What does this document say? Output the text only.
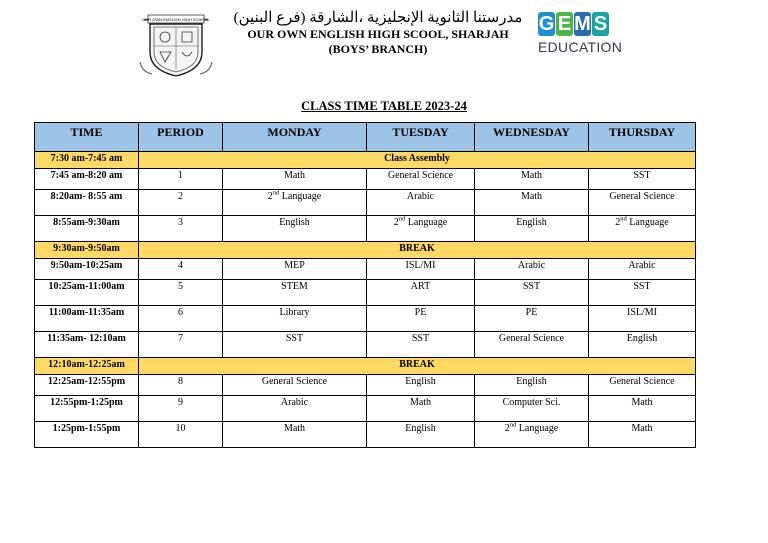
OUR OWN ENGLISH HIGH SCHOOL	مدرستنا الثانوية الإنجليزية ،الشارقة (فرع البنين)
OUR OWN ENGLISH HIGH SCOOL, SHARJAH
(BOYS’ BRANCH)
G E M S
EDUCATION
CLASS TIME TABLE 2023-24
TIME	PERIOD	MONDAY	TUESDAY	WEDNESDAY	THURSDAY
7:30 am-7:45 am	Class Assembly				
7:45 am-8:20 am	1	Math	General Science	Math	SST
8:20am- 8:55 am	2	2nd Language	Arabic	Math	General Science
8:55am-9:30am	3	English	2nd Language	English	2nd Language
9:30am-9:50am	BREAK				
9:50am-10:25am	4	MEP	ISL/MI	Arabic	Arabic
10:25am-11:00am	5	STEM	ART	SST	SST
11:00am-11:35am	6	Library	PE	PE	ISL/MI
11:35am- 12:10am	7	SST	SST	General Science	English
12:10am-12:25am	BREAK				
12:25am-12:55pm	8	General Science	English	English	General Science
12:55pm-1:25pm	9	Arabic	Math	Computer Sci.	Math
1:25pm-1:55pm	10	Math	English	2nd Language	Math
